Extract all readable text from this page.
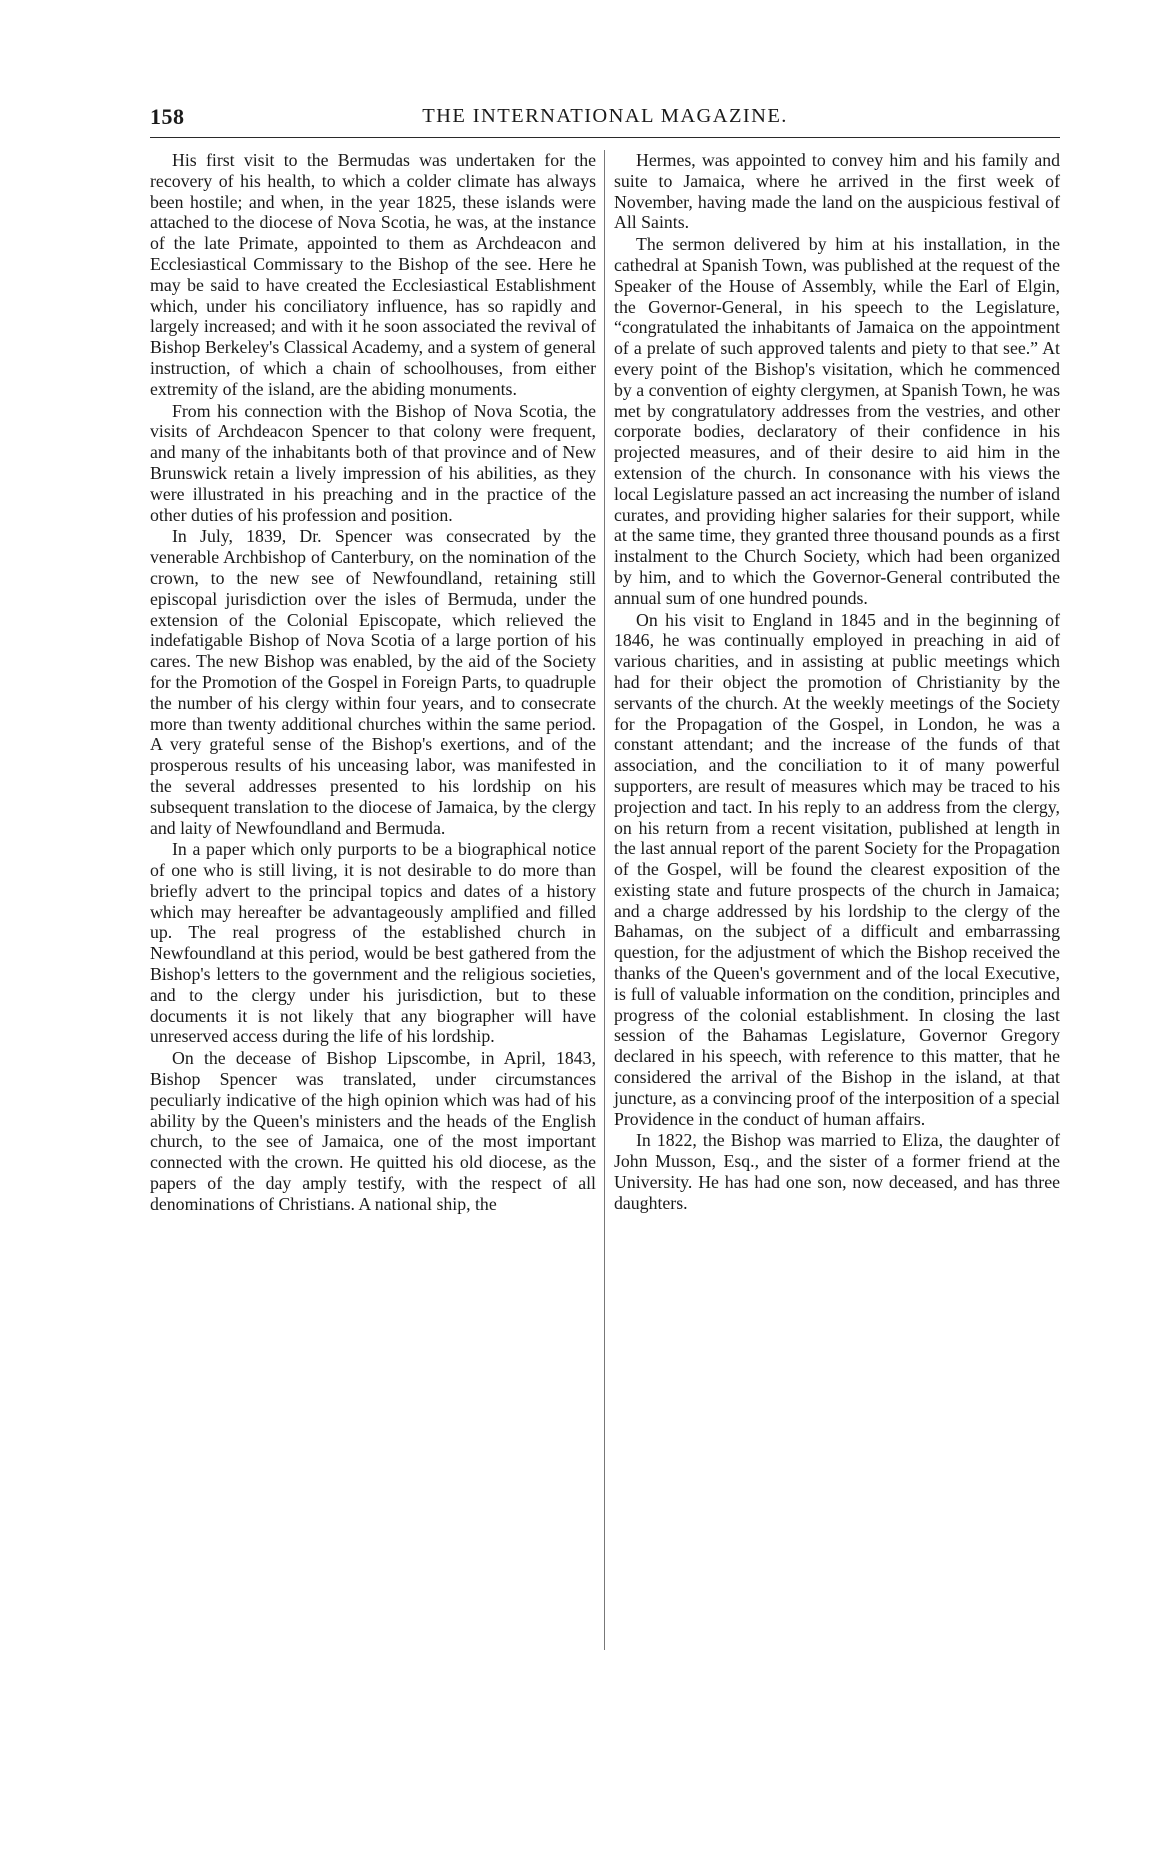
158	THE INTERNATIONAL MAGAZINE.

His first visit to the Bermudas was undertaken for the recovery of his health, to which a colder climate has always been hostile; and when, in the year 1825, these islands were attached to the diocese of Nova Scotia, he was, at the instance of the late Primate, appointed to them as Archdeacon and Ecclesiastical Commissary to the Bishop of the see. Here he may be said to have created the Ecclesiastical Establishment which, under his conciliatory influence, has so rapidly and largely increased; and with it he soon associated the revival of Bishop Berkeley's Classical Academy, and a system of general instruction, of which a chain of schoolhouses, from either extremity of the island, are the abiding monuments.

From his connection with the Bishop of Nova Scotia, the visits of Archdeacon Spencer to that colony were frequent, and many of the inhabitants both of that province and of New Brunswick retain a lively impression of his abilities, as they were illustrated in his preaching and in the practice of the other duties of his profession and position.

In July, 1839, Dr. Spencer was consecrated by the venerable Archbishop of Canterbury, on the nomination of the crown, to the new see of Newfoundland, retaining still episcopal jurisdiction over the isles of Bermuda, under the extension of the Colonial Episcopate, which relieved the indefatigable Bishop of Nova Scotia of a large portion of his cares. The new Bishop was enabled, by the aid of the Society for the Promotion of the Gospel in Foreign Parts, to quadruple the number of his clergy within four years, and to consecrate more than twenty additional churches within the same period. A very grateful sense of the Bishop's exertions, and of the prosperous results of his unceasing labor, was manifested in the several addresses presented to his lordship on his subsequent translation to the diocese of Jamaica, by the clergy and laity of Newfoundland and Bermuda.

In a paper which only purports to be a biographical notice of one who is still living, it is not desirable to do more than briefly advert to the principal topics and dates of a history which may hereafter be advantageously amplified and filled up. The real progress of the established church in Newfoundland at this period, would be best gathered from the Bishop's letters to the government and the religious societies, and to the clergy under his jurisdiction, but to these documents it is not likely that any biographer will have unreserved access during the life of his lordship.

On the decease of Bishop Lipscombe, in April, 1843, Bishop Spencer was translated, under circumstances peculiarly indicative of the high opinion which was had of his ability by the Queen's ministers and the heads of the English church, to the see of Jamaica, one of the most important connected with the crown. He quitted his old diocese, as the papers of the day amply testify, with the respect of all denominations of Christians. A national ship, the

Hermes, was appointed to convey him and his family and suite to Jamaica, where he arrived in the first week of November, having made the land on the auspicious festival of All Saints.

The sermon delivered by him at his installation, in the cathedral at Spanish Town, was published at the request of the Speaker of the House of Assembly, while the Earl of Elgin, the Governor-General, in his speech to the Legislature, “congratulated the inhabitants of Jamaica on the appointment of a prelate of such approved talents and piety to that see.” At every point of the Bishop's visitation, which he commenced by a convention of eighty clergymen, at Spanish Town, he was met by congratulatory addresses from the vestries, and other corporate bodies, declaratory of their confidence in his projected measures, and of their desire to aid him in the extension of the church. In consonance with his views the local Legislature passed an act increasing the number of island curates, and providing higher salaries for their support, while at the same time, they granted three thousand pounds as a first instalment to the Church Society, which had been organized by him, and to which the Governor-General contributed the annual sum of one hundred pounds.

On his visit to England in 1845 and in the beginning of 1846, he was continually employed in preaching in aid of various charities, and in assisting at public meetings which had for their object the promotion of Christianity by the servants of the church. At the weekly meetings of the Society for the Propagation of the Gospel, in London, he was a constant attendant; and the increase of the funds of that association, and the conciliation to it of many powerful supporters, are result of measures which may be traced to his projection and tact. In his reply to an address from the clergy, on his return from a recent visitation, published at length in the last annual report of the parent Society for the Propagation of the Gospel, will be found the clearest exposition of the existing state and future prospects of the church in Jamaica; and a charge addressed by his lordship to the clergy of the Bahamas, on the subject of a difficult and embarrassing question, for the adjustment of which the Bishop received the thanks of the Queen's government and of the local Executive, is full of valuable information on the condition, principles and progress of the colonial establishment. In closing the last session of the Bahamas Legislature, Governor Gregory declared in his speech, with reference to this matter, that he considered the arrival of the Bishop in the island, at that juncture, as a convincing proof of the interposition of a special Providence in the conduct of human affairs.

In 1822, the Bishop was married to Eliza, the daughter of John Musson, Esq., and the sister of a former friend at the University. He has had one son, now deceased, and has three daughters.
